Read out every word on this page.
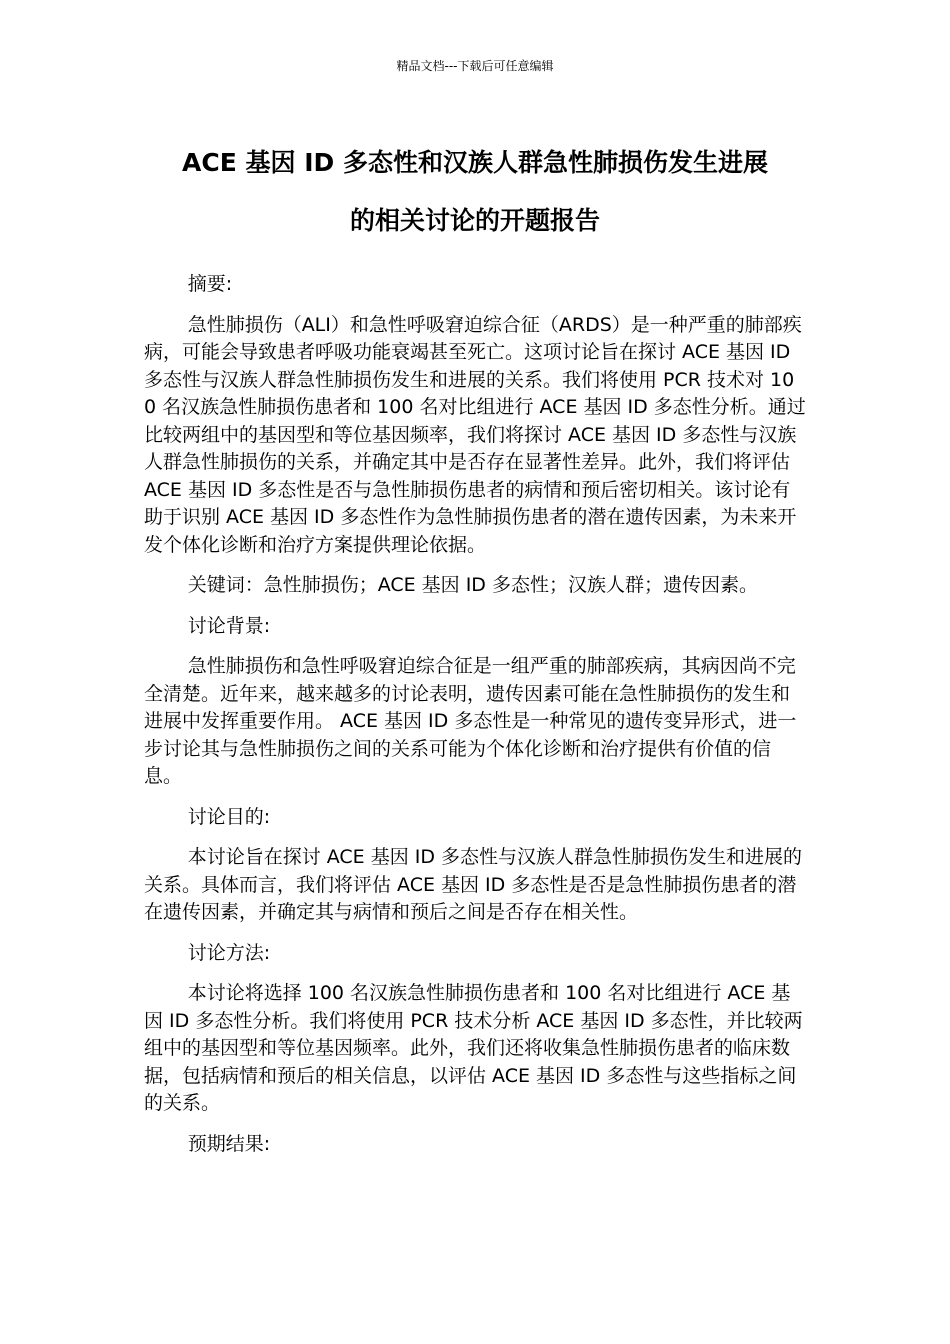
精品文档---下载后可任意编辑
ACE 基因 ID 多态性和汉族人群急性肺损伤发生进展
的相关讨论的开题报告

摘要:

急性肺损伤（ALI）和急性呼吸窘迫综合征（ARDS）是一种严重的肺部疾病，可能会导致患者呼吸功能衰竭甚至死亡。这项讨论旨在探讨 ACE 基因 ID 多态性与汉族人群急性肺损伤发生和进展的关系。我们将使用 PCR 技术对 100 名汉族急性肺损伤患者和 100 名对比组进行 ACE 基因 ID 多态性分析。通过比较两组中的基因型和等位基因频率，我们将探讨 ACE 基因 ID 多态性与汉族人群急性肺损伤的关系，并确定其中是否存在显著性差异。此外，我们将评估 ACE 基因 ID 多态性是否与急性肺损伤患者的病情和预后密切相关。该讨论有助于识别 ACE 基因 ID 多态性作为急性肺损伤患者的潜在遗传因素，为未来开发个体化诊断和治疗方案提供理论依据。

关键词：急性肺损伤；ACE 基因 ID 多态性；汉族人群；遗传因素。

讨论背景:

急性肺损伤和急性呼吸窘迫综合征是一组严重的肺部疾病，其病因尚不完全清楚。近年来，越来越多的讨论表明，遗传因素可能在急性肺损伤的发生和进展中发挥重要作用。 ACE 基因 ID 多态性是一种常见的遗传变异形式，进一步讨论其与急性肺损伤之间的关系可能为个体化诊断和治疗提供有价值的信息。

讨论目的:

本讨论旨在探讨 ACE 基因 ID 多态性与汉族人群急性肺损伤发生和进展的关系。具体而言，我们将评估 ACE 基因 ID 多态性是否是急性肺损伤患者的潜在遗传因素，并确定其与病情和预后之间是否存在相关性。

讨论方法:

本讨论将选择 100 名汉族急性肺损伤患者和 100 名对比组进行 ACE 基因 ID 多态性分析。我们将使用 PCR 技术分析 ACE 基因 ID 多态性，并比较两组中的基因型和等位基因频率。此外，我们还将收集急性肺损伤患者的临床数据，包括病情和预后的相关信息，以评估 ACE 基因 ID 多态性与这些指标之间的关系。

预期结果:
